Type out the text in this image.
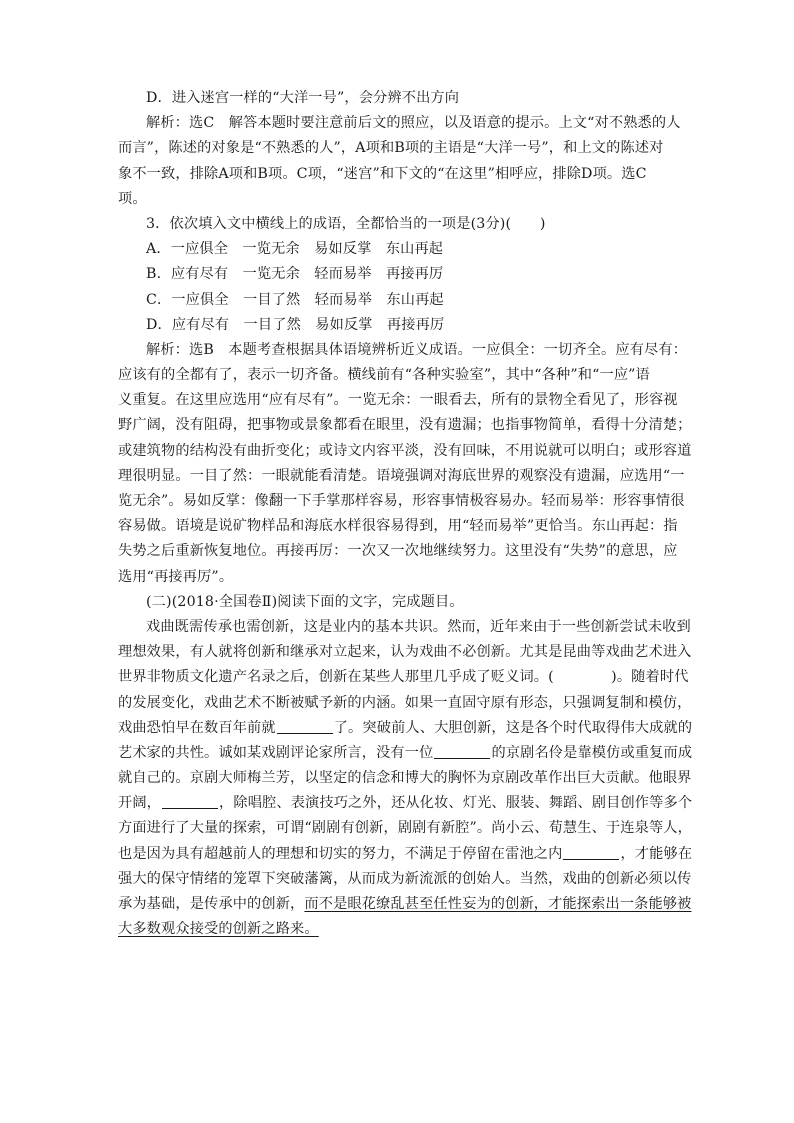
D．进入迷宫一样的“大洋一号”，会分辨不出方向
解析：选C　解答本题时要注意前后文的照应，以及语意的提示。上文“对不熟悉的人
而言”，陈述的对象是“不熟悉的人”，A项和B项的主语是“大洋一号”，和上文的陈述对
象不一致，排除A项和B项。C项，“迷宫”和下文的“在这里”相呼应，排除D项。选C
项。
3．依次填入文中横线上的成语，全都恰当的一项是(3分)(　　)
A．一应俱全　一览无余　易如反掌　东山再起
B．应有尽有　一览无余　轻而易举　再接再厉
C．一应俱全　一目了然　轻而易举　东山再起
D．应有尽有　一目了然　易如反掌　再接再厉
解析：选B　本题考查根据具体语境辨析近义成语。一应俱全：一切齐全。应有尽有：
应该有的全都有了，表示一切齐备。横线前有“各种实验室”，其中“各种”和“一应”语
义重复。在这里应选用“应有尽有”。一览无余：一眼看去，所有的景物全看见了，形容视
野广阔，没有阻碍，把事物或景象都看在眼里，没有遗漏；也指事物简单，看得十分清楚；
或建筑物的结构没有曲折变化；或诗文内容平淡，没有回味，不用说就可以明白；或形容道
理很明显。一目了然：一眼就能看清楚。语境强调对海底世界的观察没有遗漏，应选用“一
览无余”。易如反掌：像翻一下手掌那样容易，形容事情极容易办。轻而易举：形容事情很
容易做。语境是说矿物样品和海底水样很容易得到，用“轻而易举”更恰当。东山再起：指
失势之后重新恢复地位。再接再厉：一次又一次地继续努力。这里没有“失势”的意思，应
选用“再接再厉”。
(二)(2018·全国卷Ⅱ)阅读下面的文字，完成题目。
戏曲既需传承也需创新，这是业内的基本共识。然而，近年来由于一些创新尝试未收到
理想效果，有人就将创新和继承对立起来，认为戏曲不必创新。尤其是昆曲等戏曲艺术进入
世界非物质文化遗产名录之后，创新在某些人那里几乎成了贬义词。(　　　　)。随着时代
的发展变化，戏曲艺术不断被赋予新的内涵。如果一直固守原有形态，只强调复制和模仿，
戏曲恐怕早在数百年前就	了。突破前人、大胆创新，这是各个时代取得伟大成就的
艺术家的共性。诚如某戏剧评论家所言，没有一位	的京剧名伶是靠模仿或重复而成
就自己的。京剧大师梅兰芳，以坚定的信念和博大的胸怀为京剧改革作出巨大贡献。他眼界
开阔，	，除唱腔、表演技巧之外，还从化妆、灯光、服装、舞蹈、剧目创作等多个
方面进行了大量的探索，可谓“剧剧有创新，剧剧有新腔”。尚小云、荀慧生、于连泉等人，
也是因为具有超越前人的理想和切实的努力，不满足于停留在雷池之内	，才能够在
强大的保守情绪的笼罩下突破藩篱，从而成为新流派的创始人。当然，戏曲的创新必须以传
承为基础，是传承中的创新，而不是眼花缭乱甚至任性妄为的创新，才能探索出一条能够被
大多数观众接受的创新之路来。
